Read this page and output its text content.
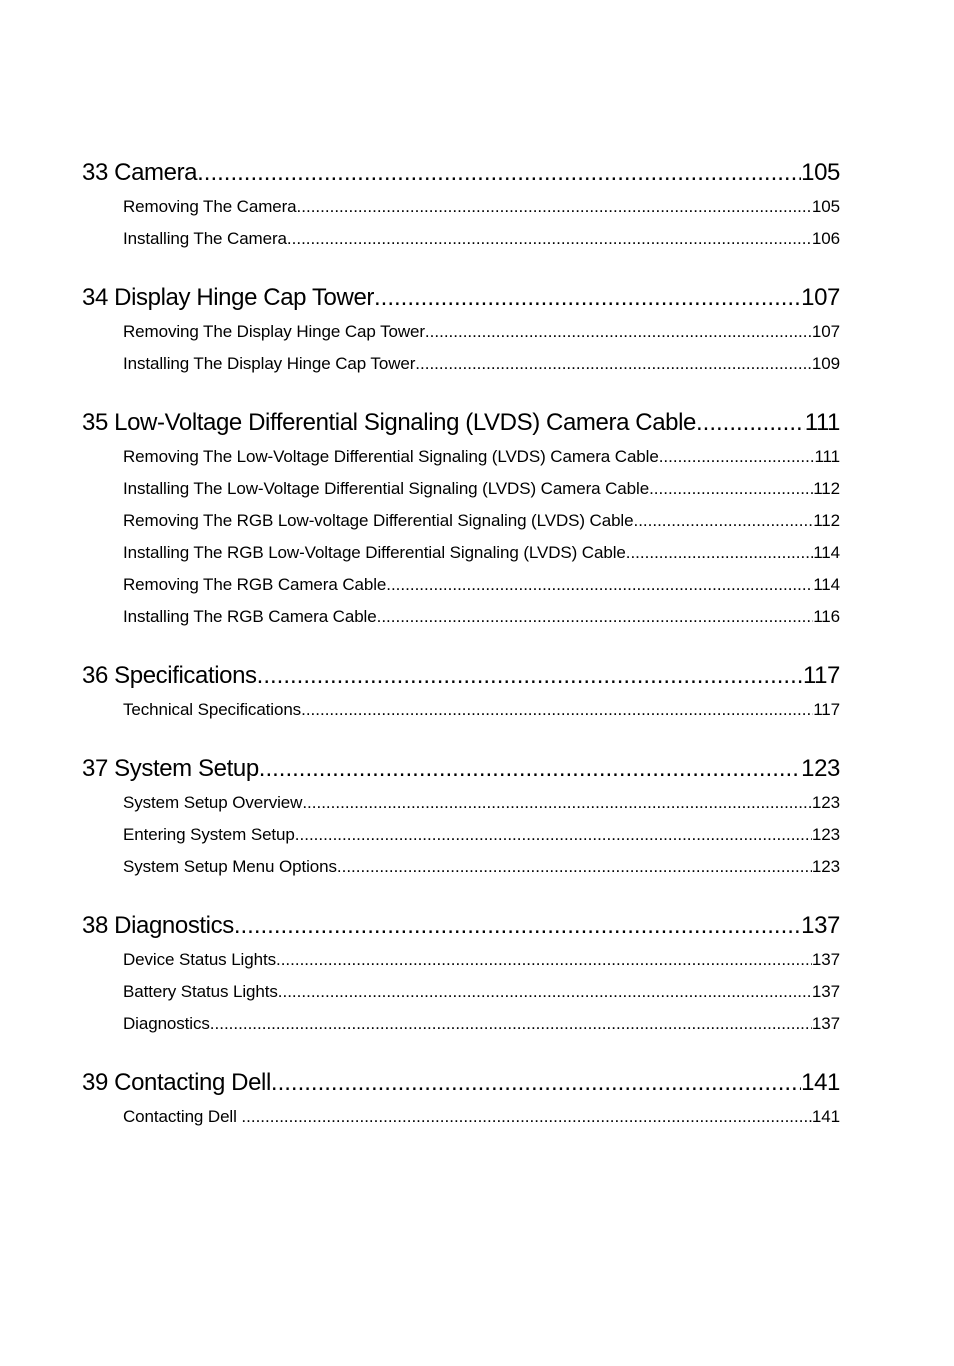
33 Camera .....	105
Removing The Camera .....	105
Installing The Camera .....	106
34 Display Hinge Cap Tower .....	107
Removing The Display Hinge Cap Tower .....	107
Installing The Display Hinge Cap Tower .....	109
35 Low-Voltage Differential Signaling (LVDS) Camera Cable .....	111
Removing The Low-Voltage Differential Signaling (LVDS) Camera Cable .....	111
Installing The Low-Voltage Differential Signaling (LVDS) Camera Cable .....	112
Removing The RGB Low-voltage Differential Signaling (LVDS) Cable .....	112
Installing The RGB Low-Voltage Differential Signaling (LVDS) Cable .....	114
Removing The RGB Camera Cable .....	114
Installing The RGB Camera Cable .....	116
36 Specifications .....	117
Technical Specifications .....	117
37 System Setup .....	123
System Setup Overview .....	123
Entering System Setup .....	123
System Setup Menu Options .....	123
38 Diagnostics .....	137
Device Status Lights .....	137
Battery Status Lights .....	137
Diagnostics .....	137
39 Contacting Dell .....	141
Contacting Dell .....	141
